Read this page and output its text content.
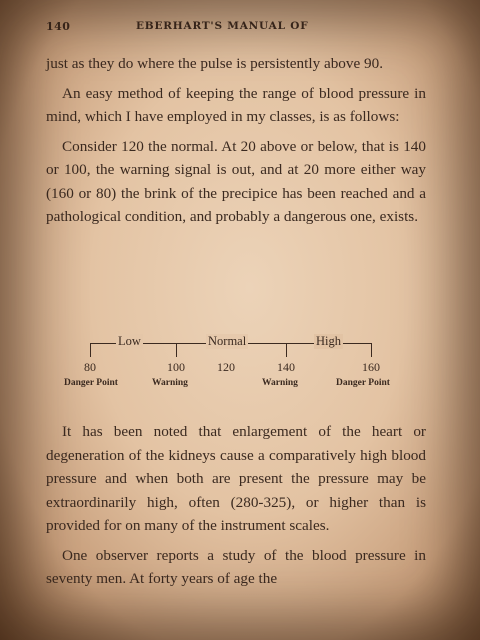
140	EBERHART'S MANUAL OF

just as they do where the pulse is persistently above 90.

An easy method of keeping the range of blood pressure in mind, which I have employed in my classes, is as follows:

Consider 120 the normal. At 20 above or below, that is 140 or 100, the warning signal is out, and at 20 more either way (160 or 80) the brink of the precipice has been reached and a pathological condition, and probably a dangerous one, exists.

Low	Normal	High
80	100	120	140	160
Danger Point	Warning	Warning	Danger Point

It has been noted that enlargement of the heart or degeneration of the kidneys cause a comparatively high blood pressure and when both are present the pressure may be extraordinarily high, often (280-325), or higher than is provided for on many of the instrument scales.

One observer reports a study of the blood pressure in seventy men. At forty years of age the
